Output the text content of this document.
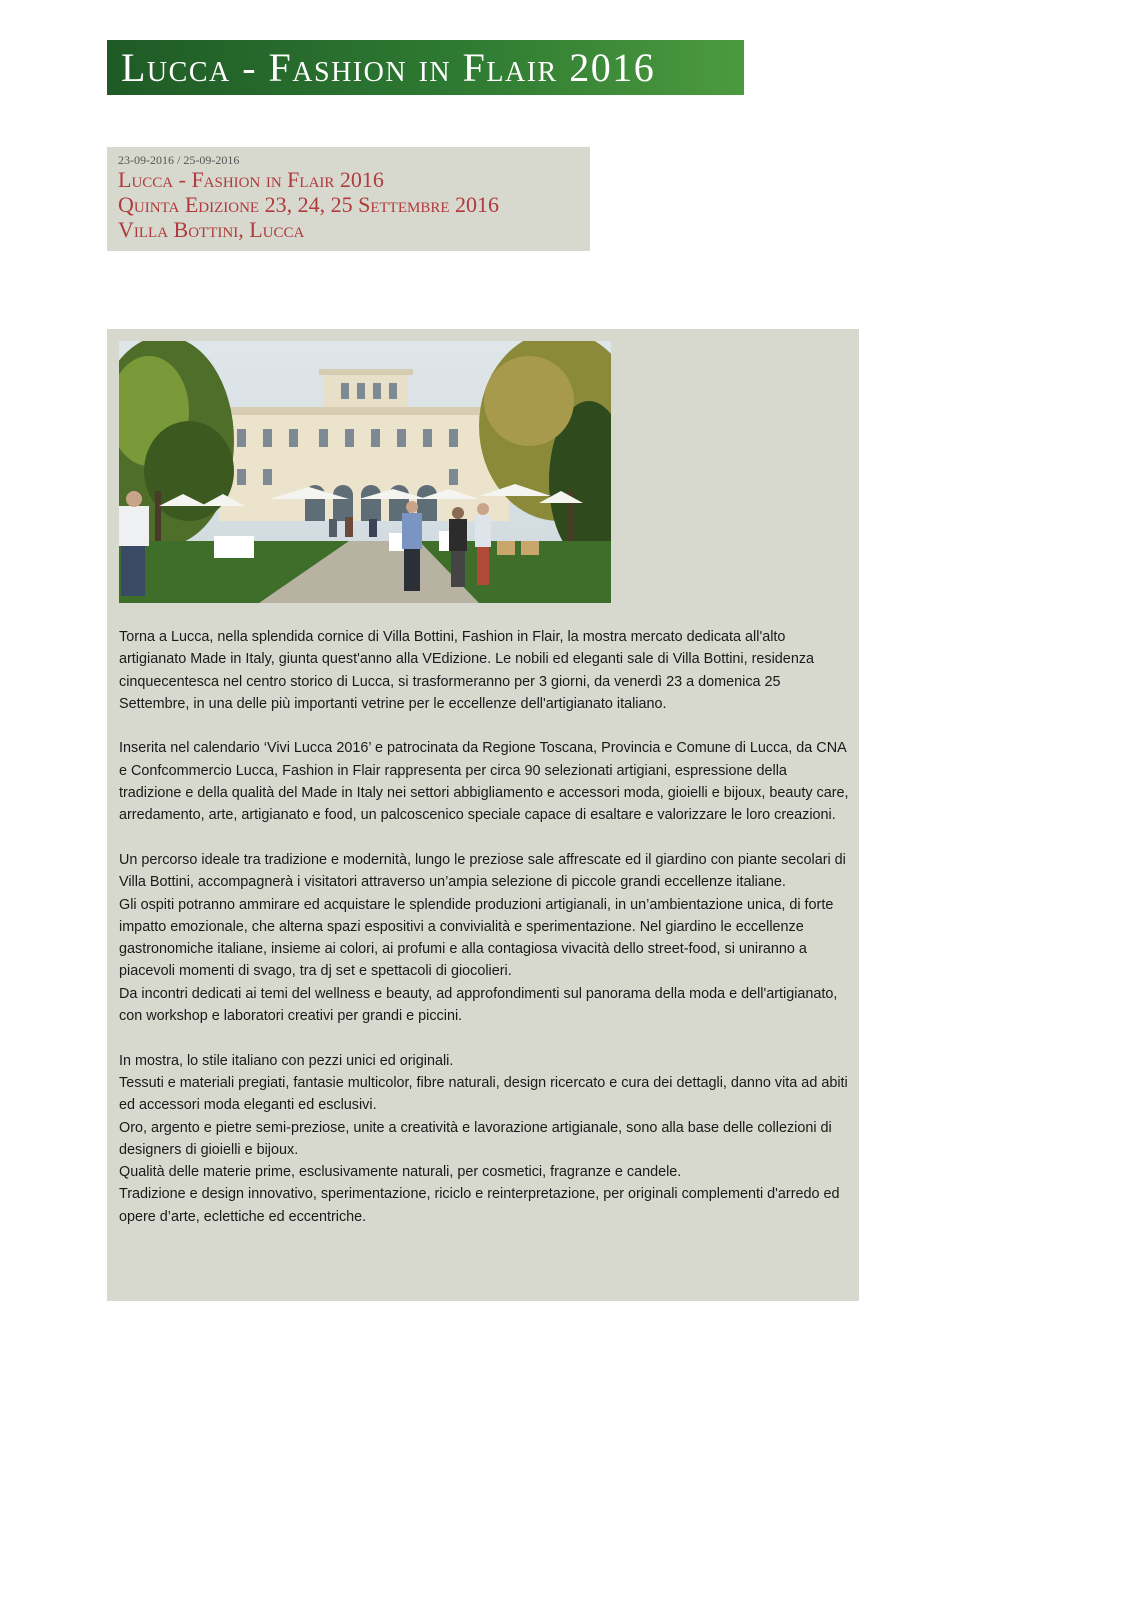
Lucca - Fashion in Flair 2016
23-09-2016 / 25-09-2016
Lucca - Fashion in Flair 2016
Quinta Edizione 23, 24, 25 Settembre 2016
Villa Bottini, Lucca

Torna a Lucca, nella splendida cornice di Villa Bottini, Fashion in Flair, la mostra mercato dedicata all'alto artigianato Made in Italy, giunta quest'anno alla VEdizione. Le nobili ed eleganti sale di Villa Bottini, residenza cinquecentesca nel centro storico di Lucca, si trasformeranno per 3 giorni, da venerdì 23 a domenica 25 Settembre, in una delle più importanti vetrine per le eccellenze dell'artigianato italiano.

Inserita nel calendario ‘Vivi Lucca 2016’ e patrocinata da Regione Toscana, Provincia e Comune di Lucca, da CNA e Confcommercio Lucca, Fashion in Flair rappresenta per circa 90 selezionati artigiani, espressione della tradizione e della qualità del Made in Italy nei settori abbigliamento e accessori moda, gioielli e bijoux, beauty care, arredamento, arte, artigianato e food, un palcoscenico speciale capace di esaltare e valorizzare le loro creazioni.

Un percorso ideale tra tradizione e modernità, lungo le preziose sale affrescate ed il giardino con piante secolari di Villa Bottini, accompagnerà i visitatori attraverso un’ampia selezione di piccole grandi eccellenze italiane.

Gli ospiti potranno ammirare ed acquistare le splendide produzioni artigianali, in un’ambientazione unica, di forte impatto emozionale, che alterna spazi espositivi a convivialità e sperimentazione. Nel giardino le eccellenze gastronomiche italiane, insieme ai colori, ai profumi e alla contagiosa vivacità dello street-food, si uniranno a piacevoli momenti di svago, tra dj set e spettacoli di giocolieri.

Da incontri dedicati ai temi del wellness e beauty, ad approfondimenti sul panorama della moda e dell'artigianato, con workshop e laboratori creativi per grandi e piccini.

In mostra, lo stile italiano con pezzi unici ed originali.

Tessuti e materiali pregiati, fantasie multicolor, fibre naturali, design ricercato e cura dei dettagli, danno vita ad abiti ed accessori moda eleganti ed esclusivi.

Oro, argento e pietre semi-preziose, unite a creatività e lavorazione artigianale, sono alla base delle collezioni di designers di gioielli e bijoux.

Qualità delle materie prime, esclusivamente naturali, per cosmetici, fragranze e candele.

Tradizione e design innovativo, sperimentazione, riciclo e reinterpretazione, per originali complementi d'arredo ed opere d’arte, eclettiche ed eccentriche.
